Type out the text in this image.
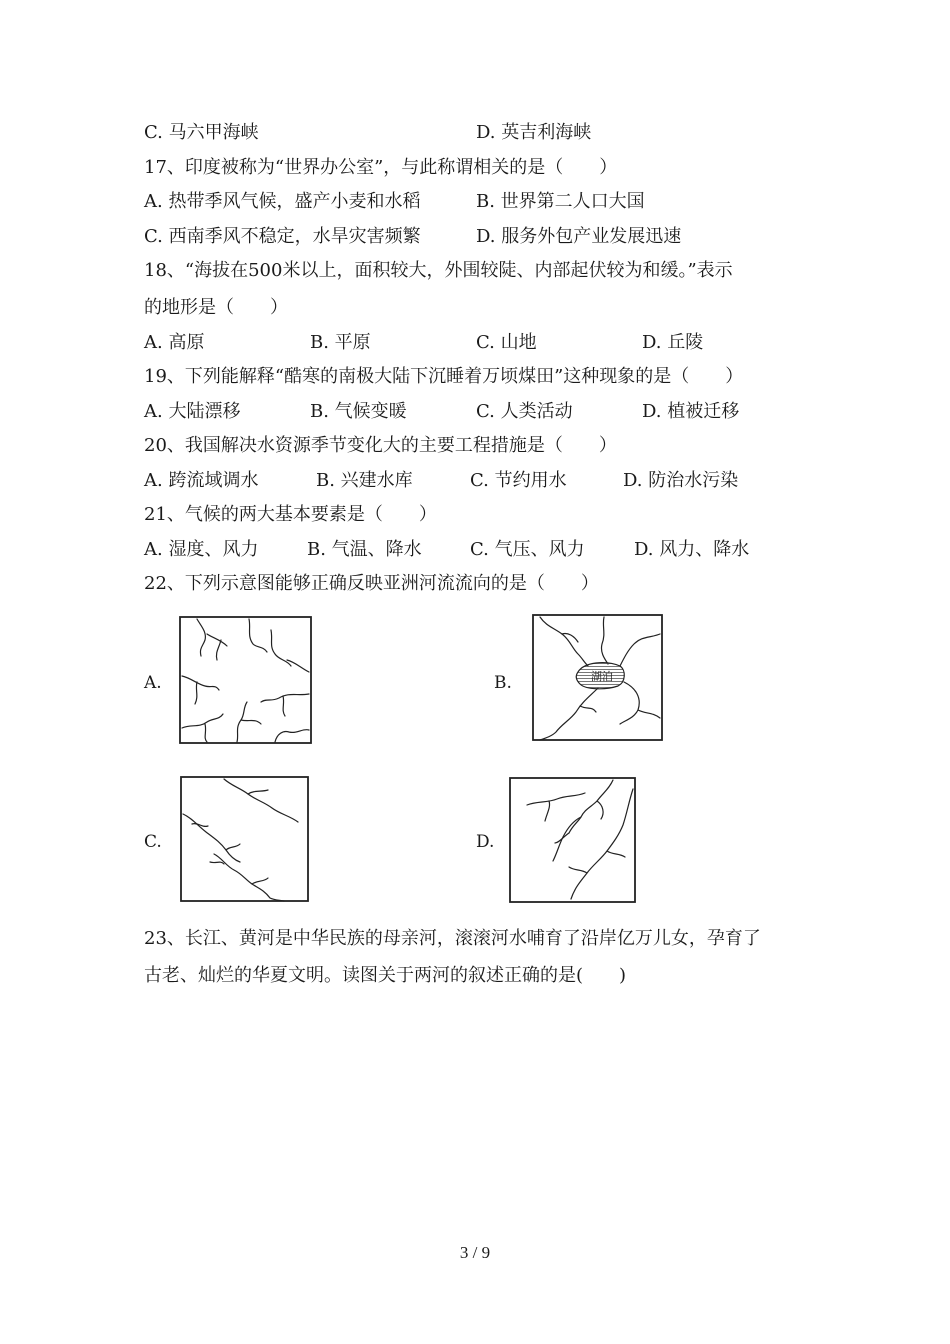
C. 马六甲海峡	D. 英吉利海峡
17、印度被称为“世界办公室”，与此称谓相关的是（　　）
A. 热带季风气候，盛产小麦和水稻	B. 世界第二人口大国
C. 西南季风不稳定，水旱灾害频繁	D. 服务外包产业发展迅速
18、“海拔在500米以上，面积较大，外围较陡、内部起伏较为和缓。”表示
的地形是（　　）
A. 高原	B. 平原	C. 山地	D. 丘陵
19、下列能解释“酷寒的南极大陆下沉睡着万顷煤田”这种现象的是（　　）
A. 大陆漂移	B. 气候变暖	C. 人类活动	D. 植被迁移
20、我国解决水资源季节变化大的主要工程措施是（　　）
A. 跨流域调水	B. 兴建水库	C. 节约用水	D. 防治水污染
21、气候的两大基本要素是（　　）
A. 湿度、风力	B. 气温、降水	C. 气压、风力	D. 风力、降水
22、下列示意图能够正确反映亚洲河流流向的是（　　）
A.	B.	湖泊
C.	D.
23、长江、黄河是中华民族的母亲河，滚滚河水哺育了沿岸亿万儿女，孕育了
古老、灿烂的华夏文明。读图关于两河的叙述正确的是(　　)
3 / 9
